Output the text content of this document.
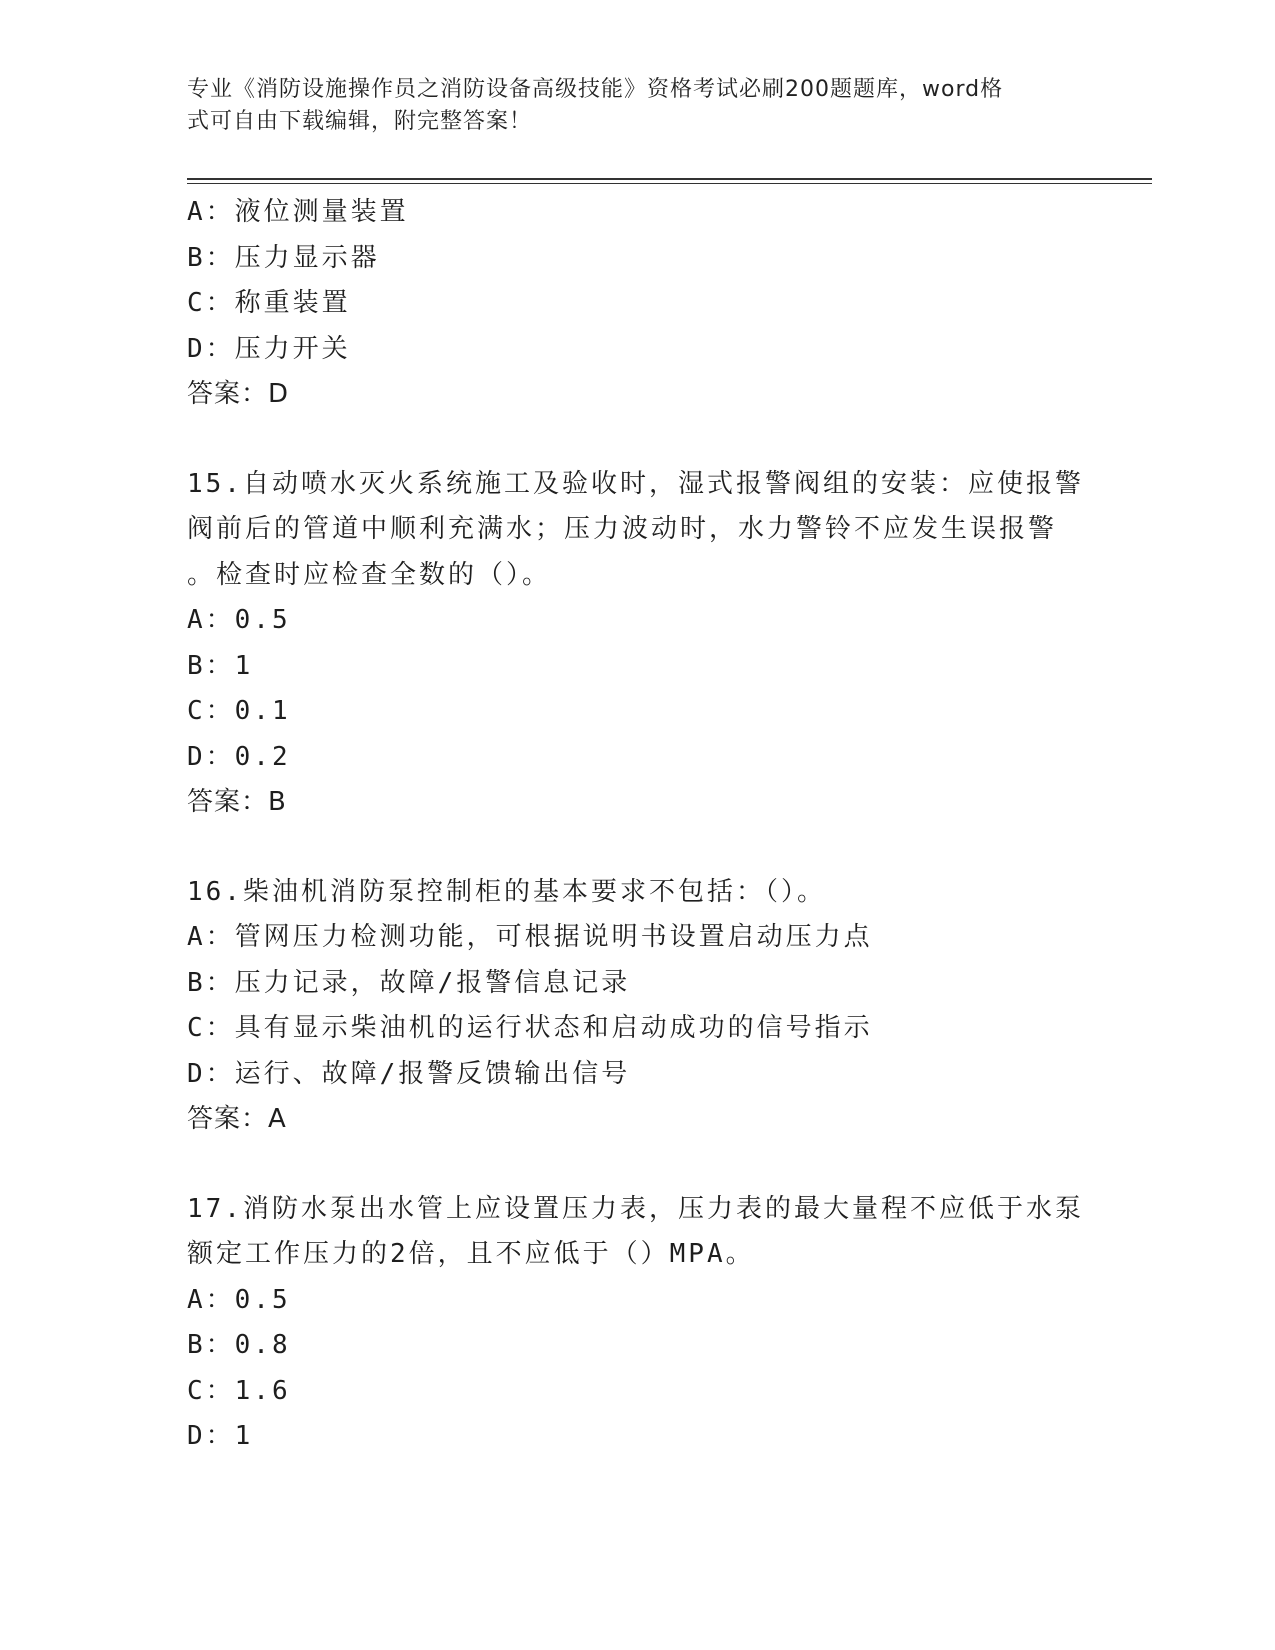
专业《消防设施操作员之消防设备高级技能》资格考试必刷200题题库，word格
式可自由下载编辑，附完整答案！
A：液位测量装置
B：压力显示器
C：称重装置
D：压力开关
答案：D
15.自动喷水灭火系统施工及验收时，湿式报警阀组的安装：应使报警
阀前后的管道中顺利充满水；压力波动时，水力警铃不应发生误报警
。检查时应检查全数的（）。
A：0.5
B：1
C：0.1
D：0.2
答案：B
16.柴油机消防泵控制柜的基本要求不包括：（）。
A：管网压力检测功能，可根据说明书设置启动压力点
B：压力记录，故障/报警信息记录
C：具有显示柴油机的运行状态和启动成功的信号指示
D：运行、故障/报警反馈输出信号
答案：A
17.消防水泵出水管上应设置压力表，压力表的最大量程不应低于水泵
额定工作压力的2倍，且不应低于（）MPA。
A：0.5
B：0.8
C：1.6
D：1
